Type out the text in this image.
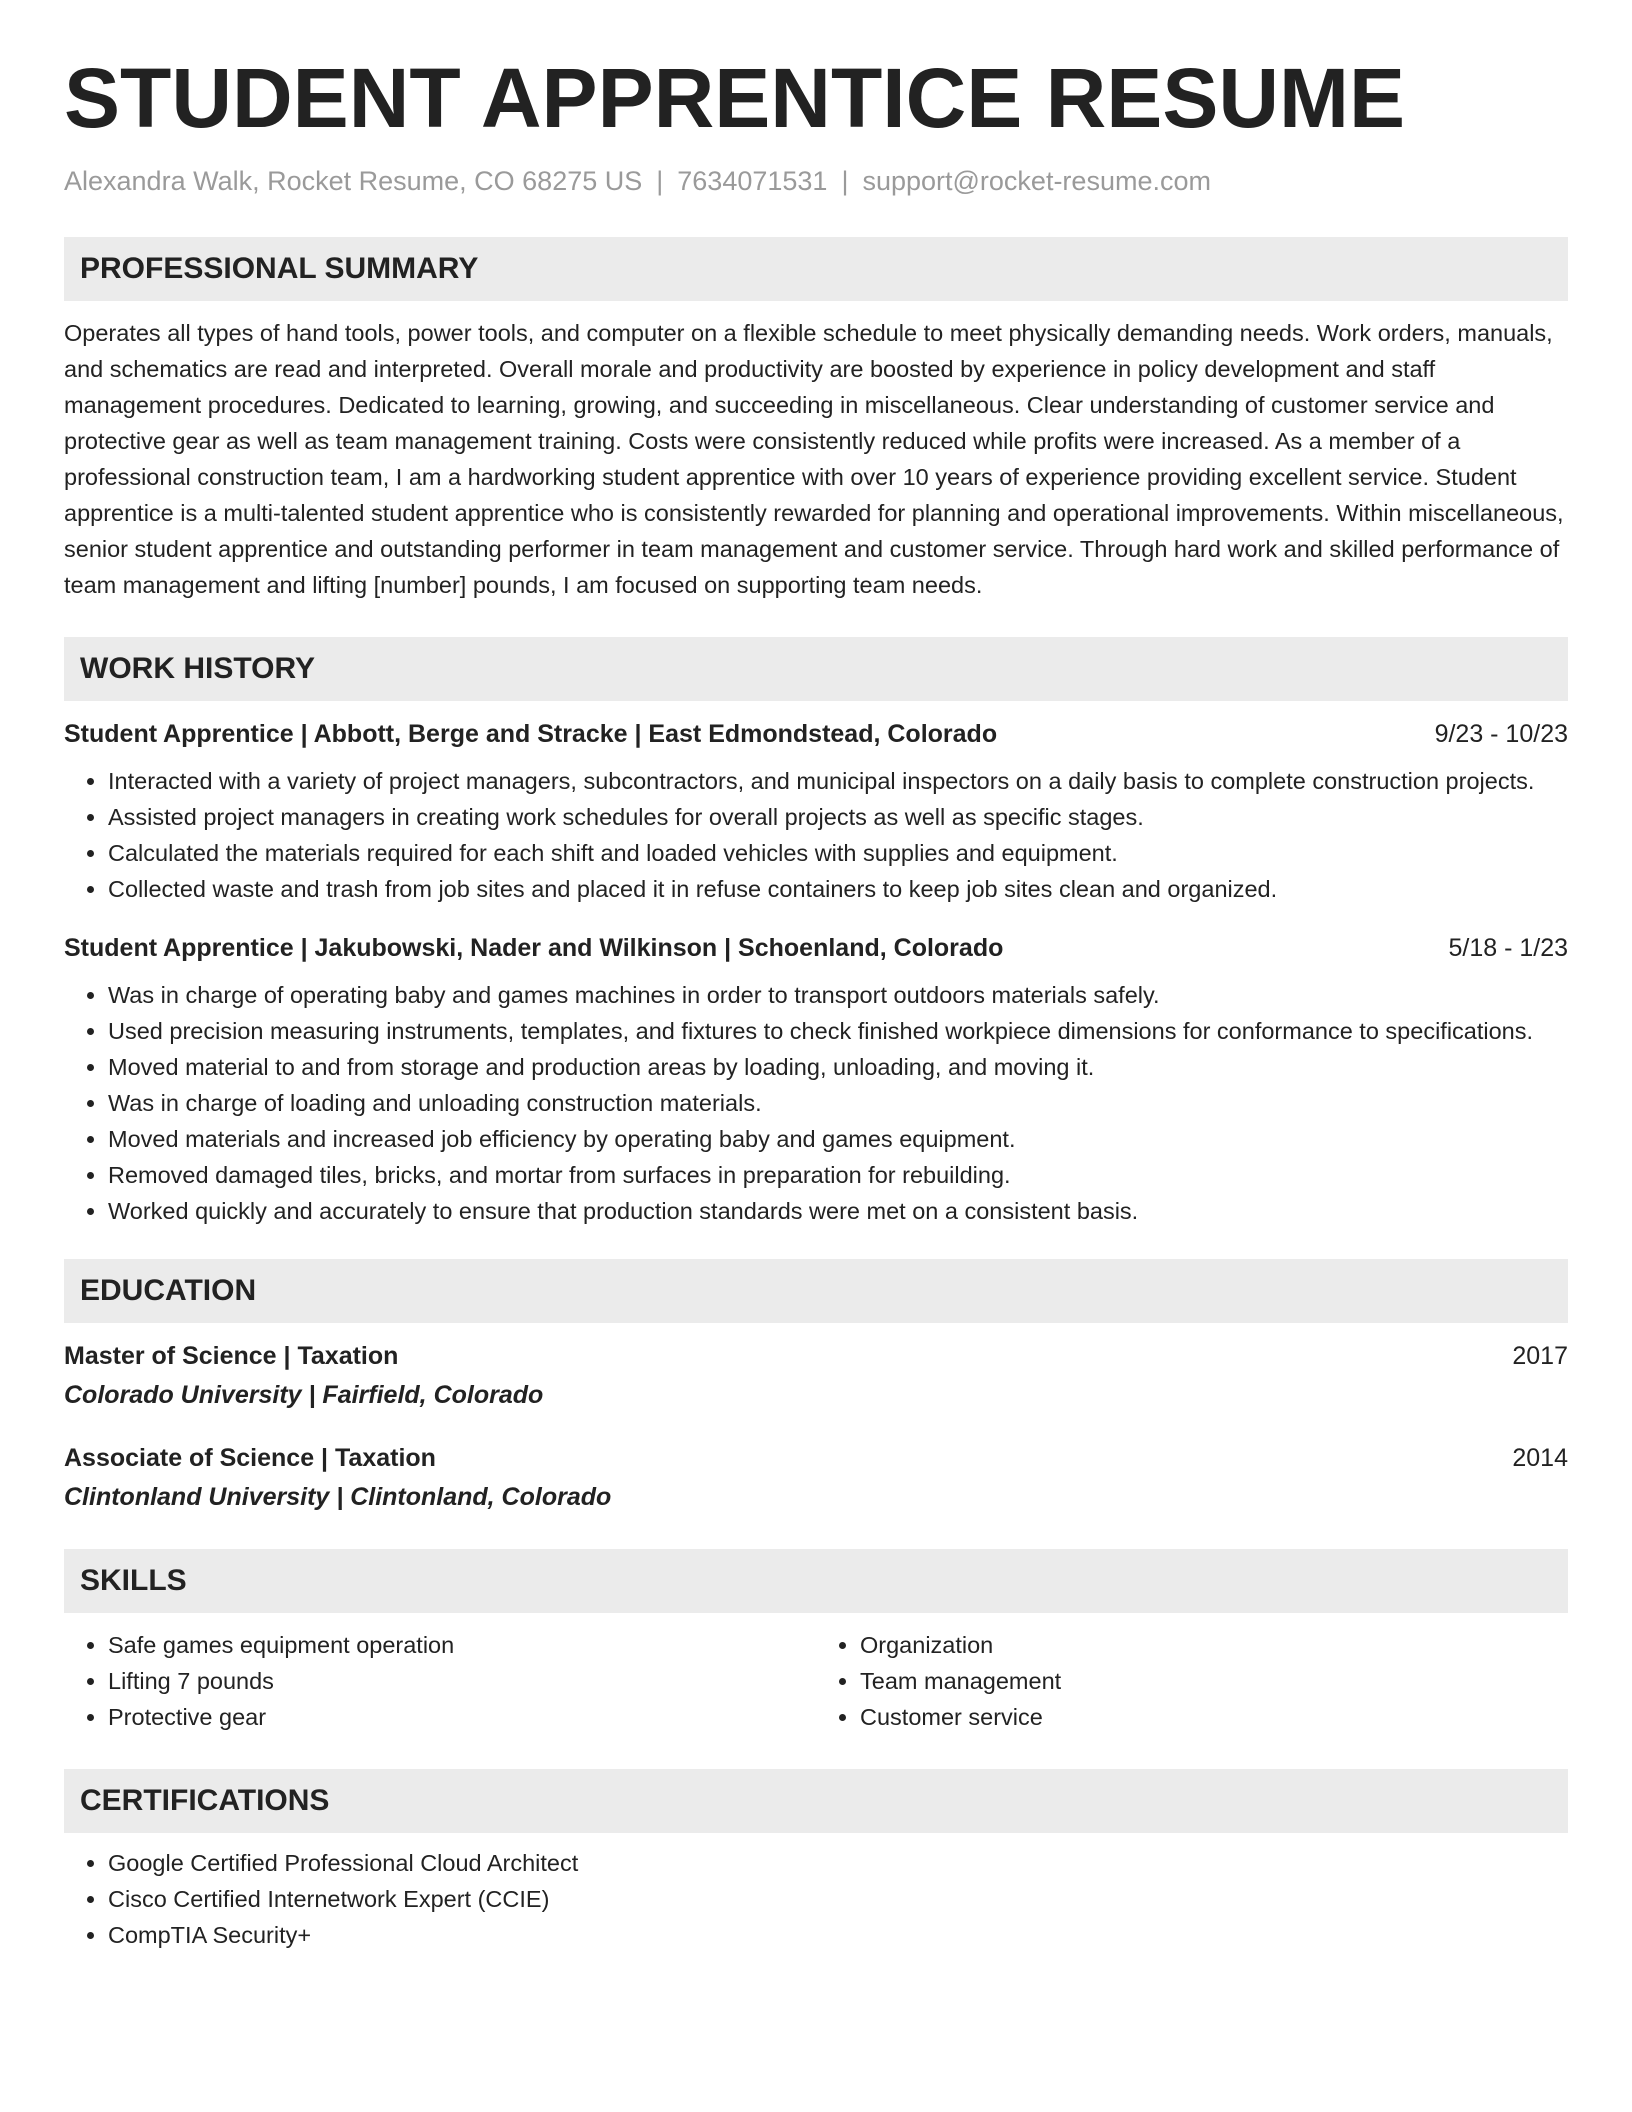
STUDENT APPRENTICE RESUME
Alexandra Walk, Rocket Resume, CO 68275 US | 7634071531 | support@rocket-resume.com
PROFESSIONAL SUMMARY
Operates all types of hand tools, power tools, and computer on a flexible schedule to meet physically demanding needs. Work orders, manuals, and schematics are read and interpreted. Overall morale and productivity are boosted by experience in policy development and staff management procedures. Dedicated to learning, growing, and succeeding in miscellaneous. Clear understanding of customer service and protective gear as well as team management training. Costs were consistently reduced while profits were increased. As a member of a professional construction team, I am a hardworking student apprentice with over 10 years of experience providing excellent service. Student apprentice is a multi-talented student apprentice who is consistently rewarded for planning and operational improvements. Within miscellaneous, senior student apprentice and outstanding performer in team management and customer service. Through hard work and skilled performance of team management and lifting [number] pounds, I am focused on supporting team needs.
WORK HISTORY
Student Apprentice | Abbott, Berge and Stracke | East Edmondstead, Colorado	9/23 - 10/23
• Interacted with a variety of project managers, subcontractors, and municipal inspectors on a daily basis to complete construction projects.
• Assisted project managers in creating work schedules for overall projects as well as specific stages.
• Calculated the materials required for each shift and loaded vehicles with supplies and equipment.
• Collected waste and trash from job sites and placed it in refuse containers to keep job sites clean and organized.
Student Apprentice | Jakubowski, Nader and Wilkinson | Schoenland, Colorado	5/18 - 1/23
• Was in charge of operating baby and games machines in order to transport outdoors materials safely.
• Used precision measuring instruments, templates, and fixtures to check finished workpiece dimensions for conformance to specifications.
• Moved material to and from storage and production areas by loading, unloading, and moving it.
• Was in charge of loading and unloading construction materials.
• Moved materials and increased job efficiency by operating baby and games equipment.
• Removed damaged tiles, bricks, and mortar from surfaces in preparation for rebuilding.
• Worked quickly and accurately to ensure that production standards were met on a consistent basis.
EDUCATION
Master of Science | Taxation	2017
Colorado University | Fairfield, Colorado
Associate of Science | Taxation	2014
Clintonland University | Clintonland, Colorado
SKILLS
• Safe games equipment operation
• Lifting 7 pounds
• Protective gear
• Organization
• Team management
• Customer service
CERTIFICATIONS
• Google Certified Professional Cloud Architect
• Cisco Certified Internetwork Expert (CCIE)
• CompTIA Security+
